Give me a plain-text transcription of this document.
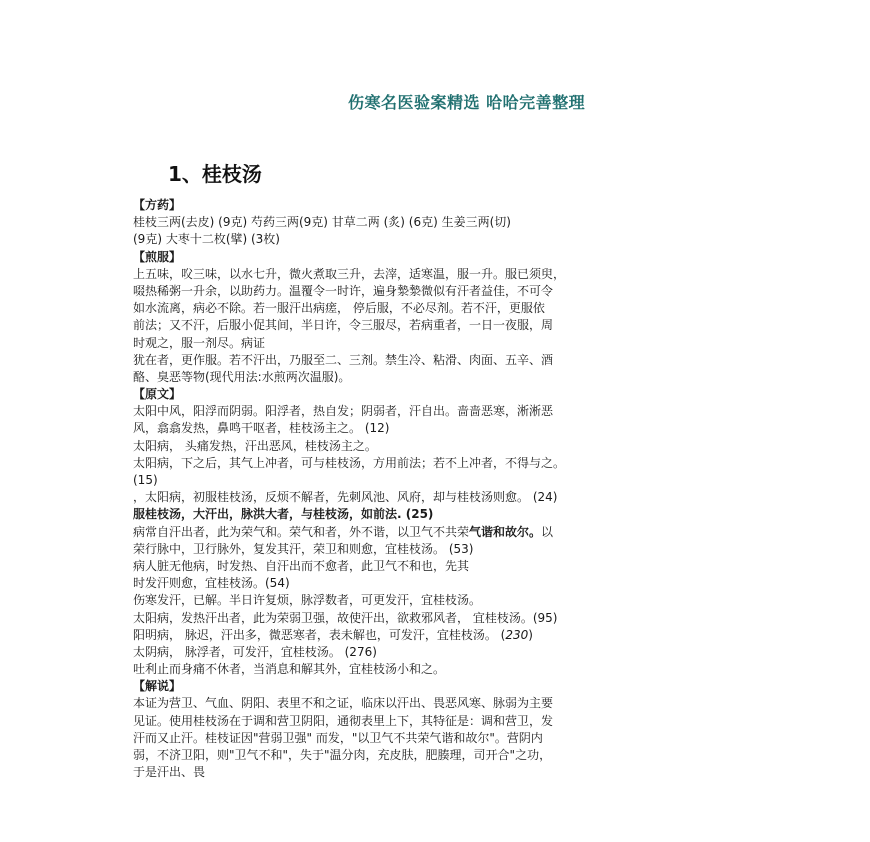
伤寒名医验案精选 哈哈完善整理
1、桂枝汤
【方药】
桂枝三两(去皮) (9克) 芍药三两(9克) 甘草二两 (炙) (6克) 生姜三两(切)
(9克) 大枣十二枚(擘) (3枚)
【煎服】
上五味，㕮三味，以水七升，微火煮取三升，去滓，适寒温，服一升。服已须臾，
啜热稀粥一升余，以助药力。温覆令一时许，遍身漐漐微似有汗者益佳，不可令
如水流离，病必不除。若一服汗出病瘥， 停后服，不必尽剂。若不汗，更服依
前法；又不汗，后服小促其间，半日许，令三服尽，若病重者，一日一夜服，周
时观之，服一剂尽。病证
犹在者，更作服。若不汗出，乃服至二、三剂。禁生冷、粘滑、肉面、五辛、酒
酪、臭恶等物(现代用法:水煎两次温服)。
【原文】
太阳中风，阳浮而阴弱。阳浮者，热自发；阴弱者，汗自出。啬啬恶寒，淅淅恶
风，翕翕发热，鼻鸣干呕者，桂枝汤主之。 (12)
太阳病， 头痛发热，汗出恶风，桂枝汤主之。
太阳病，下之后，其气上冲者，可与桂枝汤，方用前法；若不上冲者，不得与之。
(15)
，太阳病，初服桂枝汤，反烦不解者，先刺风池、风府，却与桂枝汤则愈。 (24)
服桂枝汤，大汗出，脉洪大者，与桂枝汤，如前法. (25)
病常自汗出者，此为荣气和。荣气和者，外不谐，以卫气不共荣气谐和故尔。以
荣行脉中，卫行脉外，复发其汗，荣卫和则愈，宜桂枝汤。 (53)
病人脏无他病，时发热、自汗出而不愈者，此卫气不和也，先其
时发汗则愈，宜桂枝汤。(54)
伤寒发汗，已解。半日许复烦，脉浮数者，可更发汗，宜桂枝汤。
太阳病，发热汗出者，此为荣弱卫强，故使汗出，欲救邪风者， 宜桂枝汤。(95)
阳明病， 脉迟，汗出多，微恶寒者，表未解也，可发汗，宜桂枝汤。 (230)
太阴病， 脉浮者，可发汗，宜桂枝汤。 (276)
吐利止而身痛不休者，当消息和解其外，宜桂枝汤小和之。
【解说】
本证为营卫、气血、阴阳、表里不和之证，临床以汗出、畏恶风寒、脉弱为主要
见证。使用桂枝汤在于调和营卫阴阳，通彻表里上下，其特征是：调和营卫，发
汗而又止汗。桂枝证因"营弱卫强" 而发，"以卫气不共荣气谐和故尔"。营阴内
弱，不济卫阳，则"卫气不和"，失于"温分肉，充皮肤，肥腠理，司开合"之功，
于是汗出、畏
